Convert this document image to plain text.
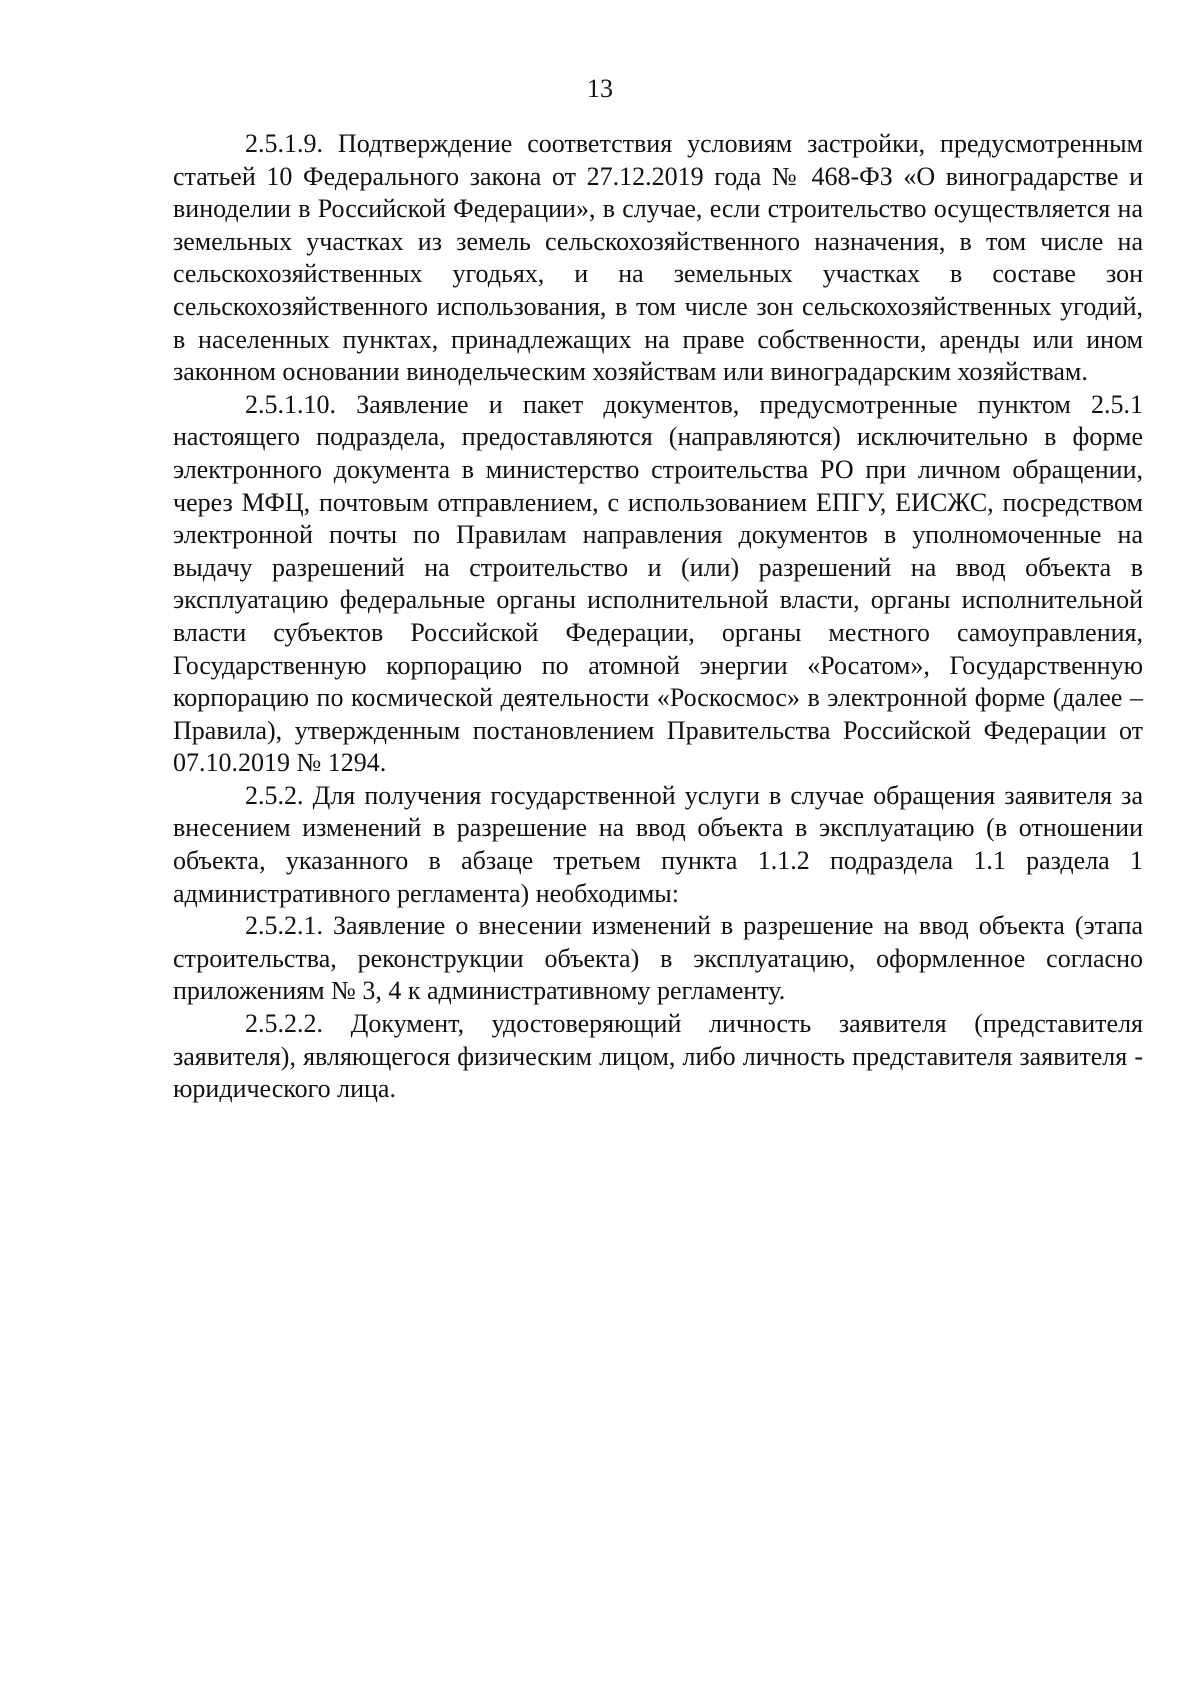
13

2.5.1.9. Подтверждение соответствия условиям застройки, предусмотренным статьей 10 Федерального закона от 27.12.2019 года № 468-ФЗ «О виноградарстве и виноделии в Российской Федерации», в случае, если строительство осуществляется на земельных участках из земель сельскохозяйственного назначения, в том числе на сельскохозяйственных угодьях, и на земельных участках в составе зон сельскохозяйственного использования, в том числе зон сельскохозяйственных угодий, в населенных пунктах, принадлежащих на праве собственности, аренды или ином законном основании винодельческим хозяйствам или виноградарским хозяйствам.

2.5.1.10. Заявление и пакет документов, предусмотренные пунктом 2.5.1 настоящего подраздела, предоставляются (направляются) исключительно в форме электронного документа в министерство строительства РО при личном обращении, через МФЦ, почтовым отправлением, с использованием ЕПГУ, ЕИСЖС, посредством электронной почты по Правилам направления документов в уполномоченные на выдачу разрешений на строительство и (или) разрешений на ввод объекта в эксплуатацию федеральные органы исполнительной власти, органы исполнительной власти субъектов Российской Федерации, органы местного самоуправления, Государственную корпорацию по атомной энергии «Росатом», Государственную корпорацию по космической деятельности «Роскосмос» в электронной форме (далее – Правила), утвержденным постановлением Правительства Российской Федерации от 07.10.2019 № 1294.

2.5.2. Для получения государственной услуги в случае обращения заявителя за внесением изменений в разрешение на ввод объекта в эксплуатацию (в отношении объекта, указанного в абзаце третьем пункта 1.1.2 подраздела 1.1 раздела 1 административного регламента) необходимы:

2.5.2.1. Заявление о внесении изменений в разрешение на ввод объекта (этапа строительства, реконструкции объекта) в эксплуатацию, оформленное согласно приложениям № 3, 4 к административному регламенту.

2.5.2.2. Документ, удостоверяющий личность заявителя (представителя заявителя), являющегося физическим лицом, либо личность представителя заявителя - юридического лица.
